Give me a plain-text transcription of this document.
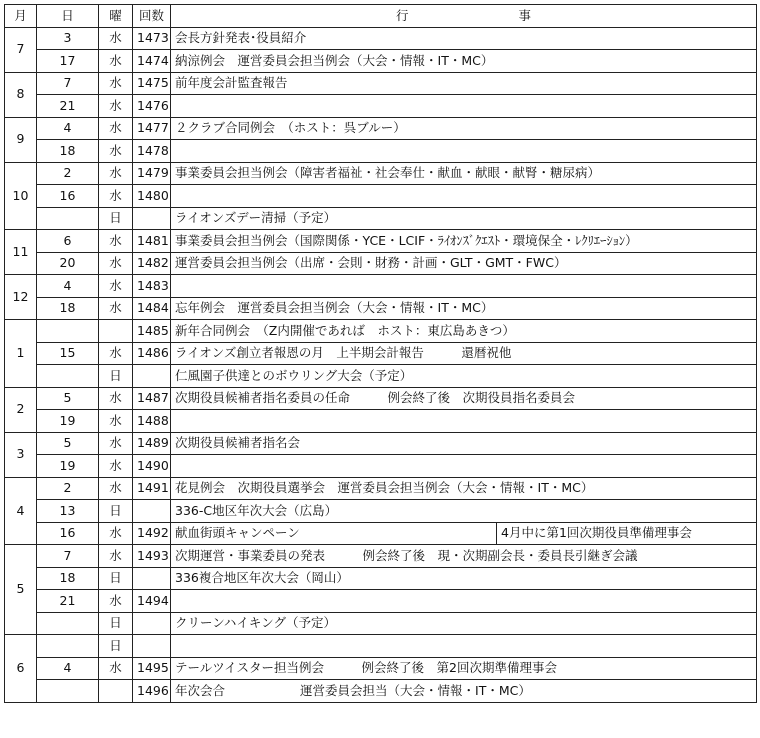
月	日	曜	回数	行 事	
7	3	水	1473	会長方針発表･役員紹介	
	17	水	1474	納涼例会　運営委員会担当例会（大会・情報・IT・MC）	
8	7	水	1475	前年度会計監査報告	
	21	水	1476		
9	4	水	1477	２クラブ合同例会　（ホスト：呉ブルー）	
	18	水	1478		
10	2	水	1479	事業委員会担当例会（障害者福祉・社会奉仕・献血・献眼・献腎・糖尿病）	
	16	水	1480		
		日		ライオンズデー清掃（予定）	
11	6	水	1481	事業委員会担当例会（国際関係・YCE・LCIF・ﾗｲｵﾝｽﾞｸｴｽﾄ・環境保全・ﾚｸﾘｴｰｼｮﾝ）	
	20	水	1482	運営委員会担当例会（出席・会則・財務・計画・GLT・GMT・FWC）	
12	4	水	1483		
	18	水	1484	忘年例会　運営委員会担当例会（大会・情報・IT・MC）	
1			1485	新年合同例会　（Z内開催であれば　ホスト：東広島あきつ）	
	15	水	1486	ライオンズ創立者報恩の月　上半期会計報告　　　還暦祝他	
		日		仁風園子供達とのボウリング大会（予定）	
2	5	水	1487	次期役員候補者指名委員の任命　　　例会終了後　次期役員指名委員会	
	19	水	1488		
3	5	水	1489	次期役員候補者指名会	
	19	水	1490		
4	2	水	1491	花見例会　次期役員選挙会　運営委員会担当例会（大会・情報・IT・MC）	
	13	日		336-C地区年次大会（広島）	
	16	水	1492	献血街頭キャンペーン	4月中に第1回次期役員準備理事会
5	7	水	1493	次期運営・事業委員の発表　　　例会終了後　現・次期副会長・委員長引継ぎ会議	
	18	日		336複合地区年次大会（岡山）	
	21	水	1494		
		日		クリーンハイキング（予定）	
6		日			
	4	水	1495	テールツイスター担当例会　　　例会終了後　第2回次期準備理事会	
			1496	年次会合　　　　　　運営委員会担当（大会・情報・IT・MC）	
